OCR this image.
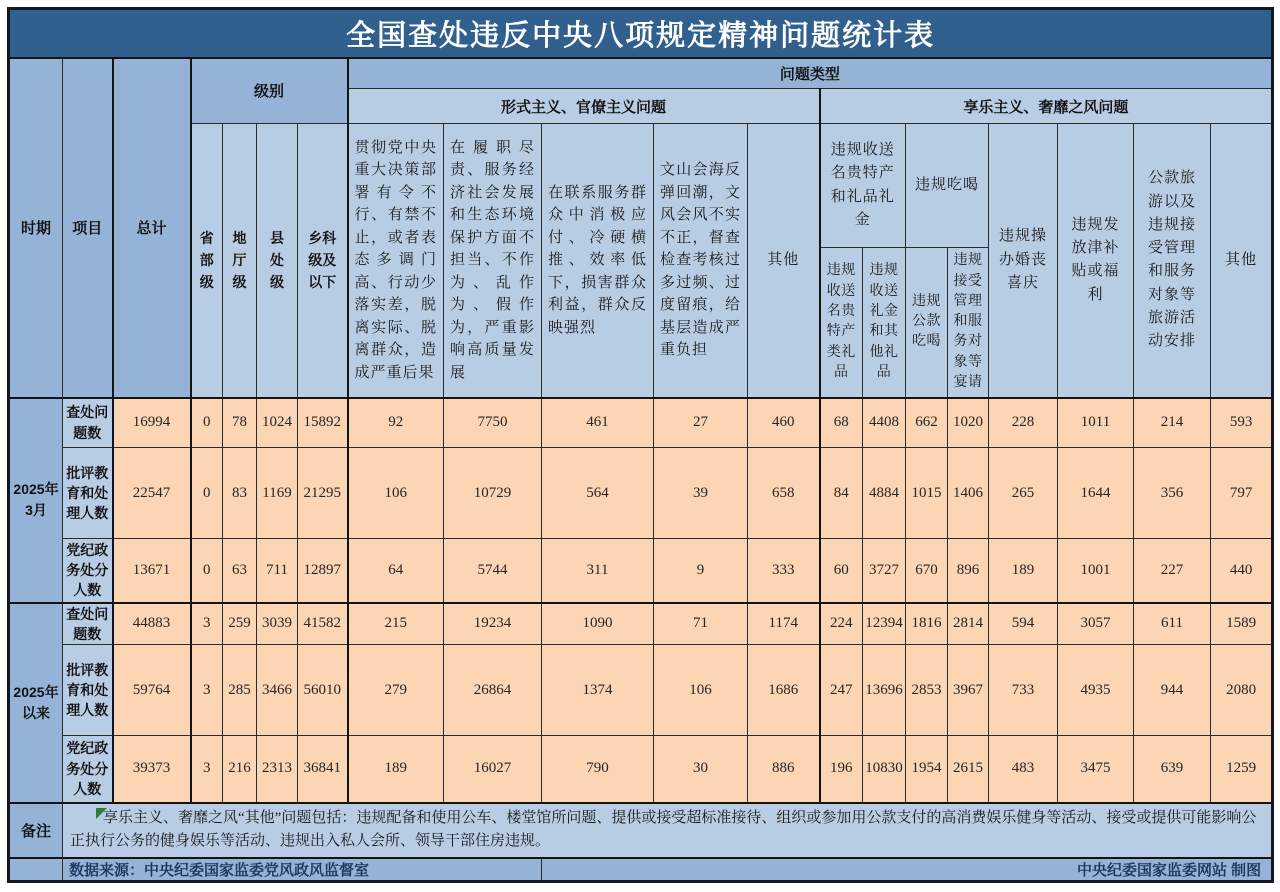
全国查处违反中央八项规定精神问题统计表																			
时期	项目	总计	级别				问题类型												
							形式主义、官僚主义问题					享乐主义、奢靡之风问题							
			省部级	地厅级	县处级	乡科级及以下	贯彻党中央重大决策部署有令不行、有禁不止，或者表态多调门高、行动少落实差，脱离实际、脱离群众，造成严重后果	在履职尽责、服务经济社会发展和生态环境保护方面不担当、不作为、乱作为、假作为，严重影响高质量发展	在联系服务群众中消极应付、冷硬横推、效率低下，损害群众利益，群众反映强烈	文山会海反弹回潮，文风会风不实不正，督查检查考核过多过频、过度留痕，给基层造成严重负担	其他	违规收送名贵特产和礼品礼金		违规吃喝		违规操办婚丧喜庆	违规发放津补贴或福利	公款旅游以及违规接受管理和服务对象等旅游活动安排	其他
												违规收送名贵特产类礼品	违规收送礼金和其他礼品	违规公款吃喝	违规接受管理和服务对象等宴请				
2025年3月	查处问题数	16994	0	78	1024	15892	92	7750	461	27	460	68	4408	662	1020	228	1011	214	593
	批评教育和处理人数	22547	0	83	1169	21295	106	10729	564	39	658	84	4884	1015	1406	265	1644	356	797
	党纪政务处分人数	13671	0	63	711	12897	64	5744	311	9	333	60	3727	670	896	189	1001	227	440
2025年以来	查处问题数	44883	3	259	3039	41582	215	19234	1090	71	1174	224	12394	1816	2814	594	3057	611	1589
	批评教育和处理人数	59764	3	285	3466	56010	279	26864	1374	106	1686	247	13696	2853	3967	733	4935	944	2080
	党纪政务处分人数	39373	3	216	2313	36841	189	16027	790	30	886	196	10830	1954	2615	483	3475	639	1259
备注	享乐主义、奢靡之风“其他”问题包括：违规配备和使用公车、楼堂馆所问题、提供或接受超标准接待、组织或参加用公款支付的高消费娱乐健身等活动、接受或提供可能影响公正执行公务的健身娱乐等活动、违规出入私人会所、领导干部住房违规。																		
	数据来源：中央纪委国家监委党风政风监督室								中央纪委国家监委网站 制图										
